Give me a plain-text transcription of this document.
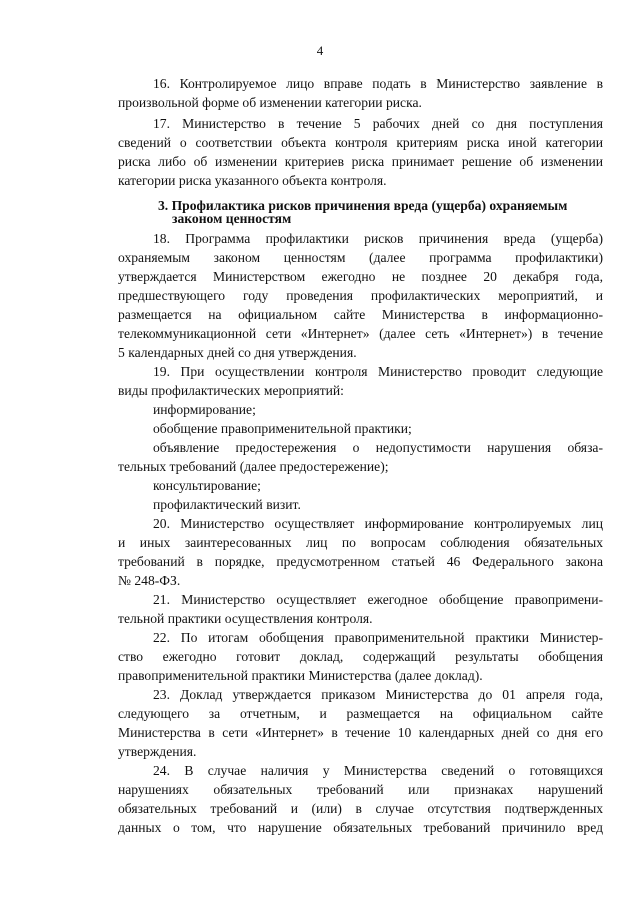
4
16. Контролируемое лицо вправе подать в Министерство заявление в
произвольной форме об изменении категории риска.
17. Министерство в течение 5 рабочих дней со дня поступления
сведений о соответствии объекта контроля критериям риска иной категории
риска либо об изменении критериев риска принимает решение об изменении
категории риска указанного объекта контроля.
3. Профилактика рисков причинения вреда (ущерба) охраняемым
законом ценностям
18. Программа профилактики рисков причинения вреда (ущерба)
охраняемым законом ценностям (далее программа профилактики)
утверждается Министерством ежегодно не позднее 20 декабря года,
предшествующего году проведения профилактических мероприятий, и
размещается на официальном сайте Министерства в информационно-
телекоммуникационной сети «Интернет» (далее сеть «Интернет») в течение
5 календарных дней со дня утверждения.
19. При осуществлении контроля Министерство проводит следующие
виды профилактических мероприятий:
информирование;
обобщение правоприменительной практики;
объявление предостережения о недопустимости нарушения обяза-
тельных требований (далее предостережение);
консультирование;
профилактический визит.
20. Министерство осуществляет информирование контролируемых лиц
и иных заинтересованных лиц по вопросам соблюдения обязательных
требований в порядке, предусмотренном статьей 46 Федерального закона
№ 248-ФЗ.
21. Министерство осуществляет ежегодное обобщение правопримени-
тельной практики осуществления контроля.
22. По итогам обобщения правоприменительной практики Министер-
ство ежегодно готовит доклад, содержащий результаты обобщения
правоприменительной практики Министерства (далее доклад).
23. Доклад утверждается приказом Министерства до 01 апреля года,
следующего за отчетным, и размещается на официальном сайте
Министерства в сети «Интернет» в течение 10 календарных дней со дня его
утверждения.
24. В случае наличия у Министерства сведений о готовящихся
нарушениях обязательных требований или признаках нарушений
обязательных требований и (или) в случае отсутствия подтвержденных
данных о том, что нарушение обязательных требований причинило вред
